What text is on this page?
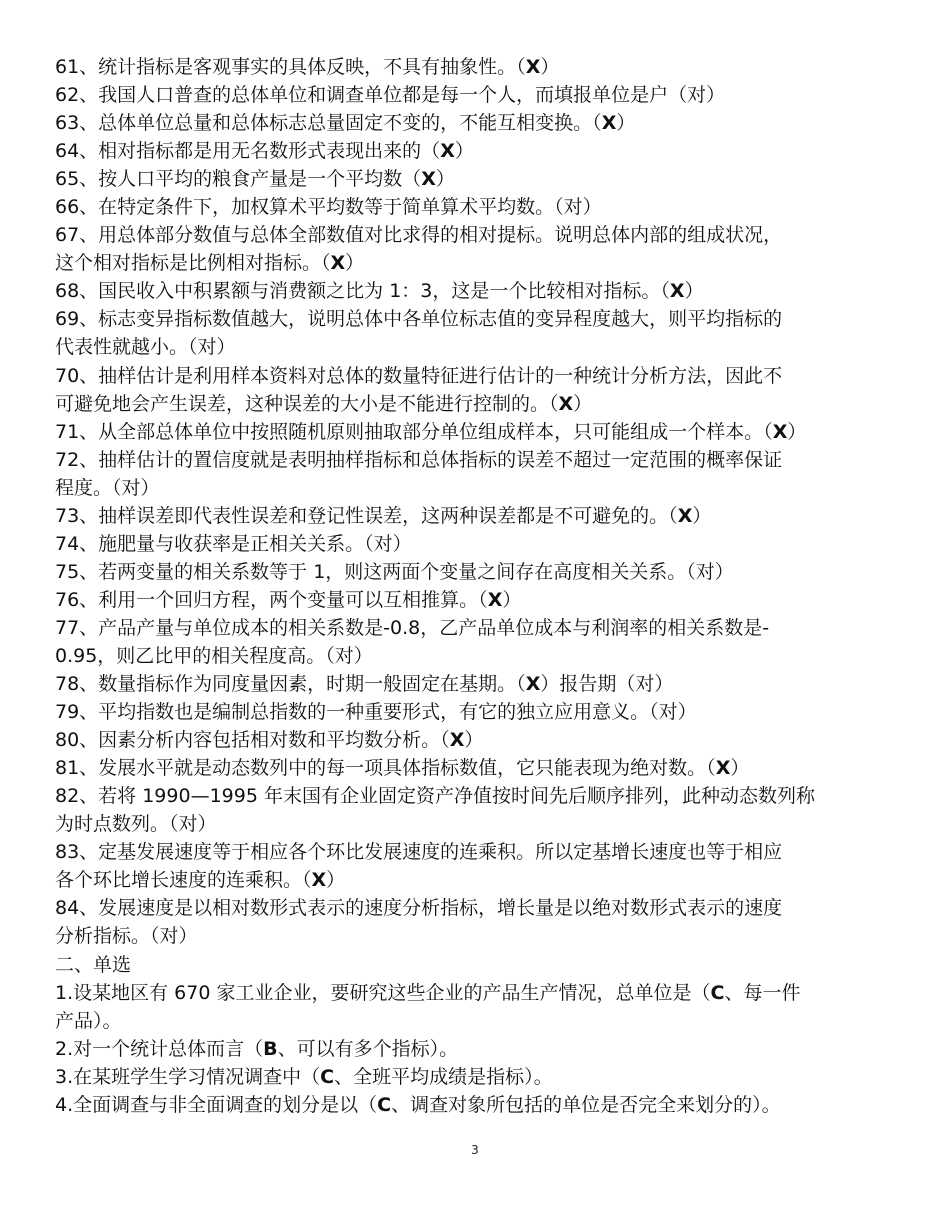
61、统计指标是客观事实的具体反映，不具有抽象性。（X）
62、我国人口普查的总体单位和调查单位都是每一个人，而填报单位是户（对）
63、总体单位总量和总体标志总量固定不变的，不能互相变换。（X）
64、相对指标都是用无名数形式表现出来的（X）
65、按人口平均的粮食产量是一个平均数（X）
66、在特定条件下，加权算术平均数等于简单算术平均数。（对）
67、用总体部分数值与总体全部数值对比求得的相对提标。说明总体内部的组成状况，
这个相对指标是比例相对指标。（X）
68、国民收入中积累额与消费额之比为 1：3，这是一个比较相对指标。（X）
69、标志变异指标数值越大，说明总体中各单位标志值的变异程度越大，则平均指标的
代表性就越小。（对）
70、抽样估计是利用样本资料对总体的数量特征进行估计的一种统计分析方法，因此不
可避免地会产生误差，这种误差的大小是不能进行控制的。（X）
71、从全部总体单位中按照随机原则抽取部分单位组成样本，只可能组成一个样本。（X）
72、抽样估计的置信度就是表明抽样指标和总体指标的误差不超过一定范围的概率保证
程度。（对）
73、抽样误差即代表性误差和登记性误差，这两种误差都是不可避免的。（X）
74、施肥量与收获率是正相关关系。（对）
75、若两变量的相关系数等于 1，则这两面个变量之间存在高度相关关系。（对）
76、利用一个回归方程，两个变量可以互相推算。（X）
77、产品产量与单位成本的相关系数是-0.8，乙产品单位成本与利润率的相关系数是-
0.95，则乙比甲的相关程度高。（对）
78、数量指标作为同度量因素，时期一般固定在基期。（X）报告期（对）
79、平均指数也是编制总指数的一种重要形式，有它的独立应用意义。（对）
80、因素分析内容包括相对数和平均数分析。（X）
81、发展水平就是动态数列中的每一项具体指标数值，它只能表现为绝对数。（X）
82、若将 1990—1995 年末国有企业固定资产净值按时间先后顺序排列，此种动态数列称
为时点数列。（对）
83、定基发展速度等于相应各个环比发展速度的连乘积。所以定基增长速度也等于相应
各个环比增长速度的连乘积。（X）
84、发展速度是以相对数形式表示的速度分析指标，增长量是以绝对数形式表示的速度
分析指标。（对）
二、单选
1.设某地区有 670 家工业企业，要研究这些企业的产品生产情况，总单位是（C、每一件
产品）。
2.对一个统计总体而言（B、可以有多个指标）。
3.在某班学生学习情况调查中（C、全班平均成绩是指标）。
4.全面调查与非全面调查的划分是以（C、调查对象所包括的单位是否完全来划分的）。
3
